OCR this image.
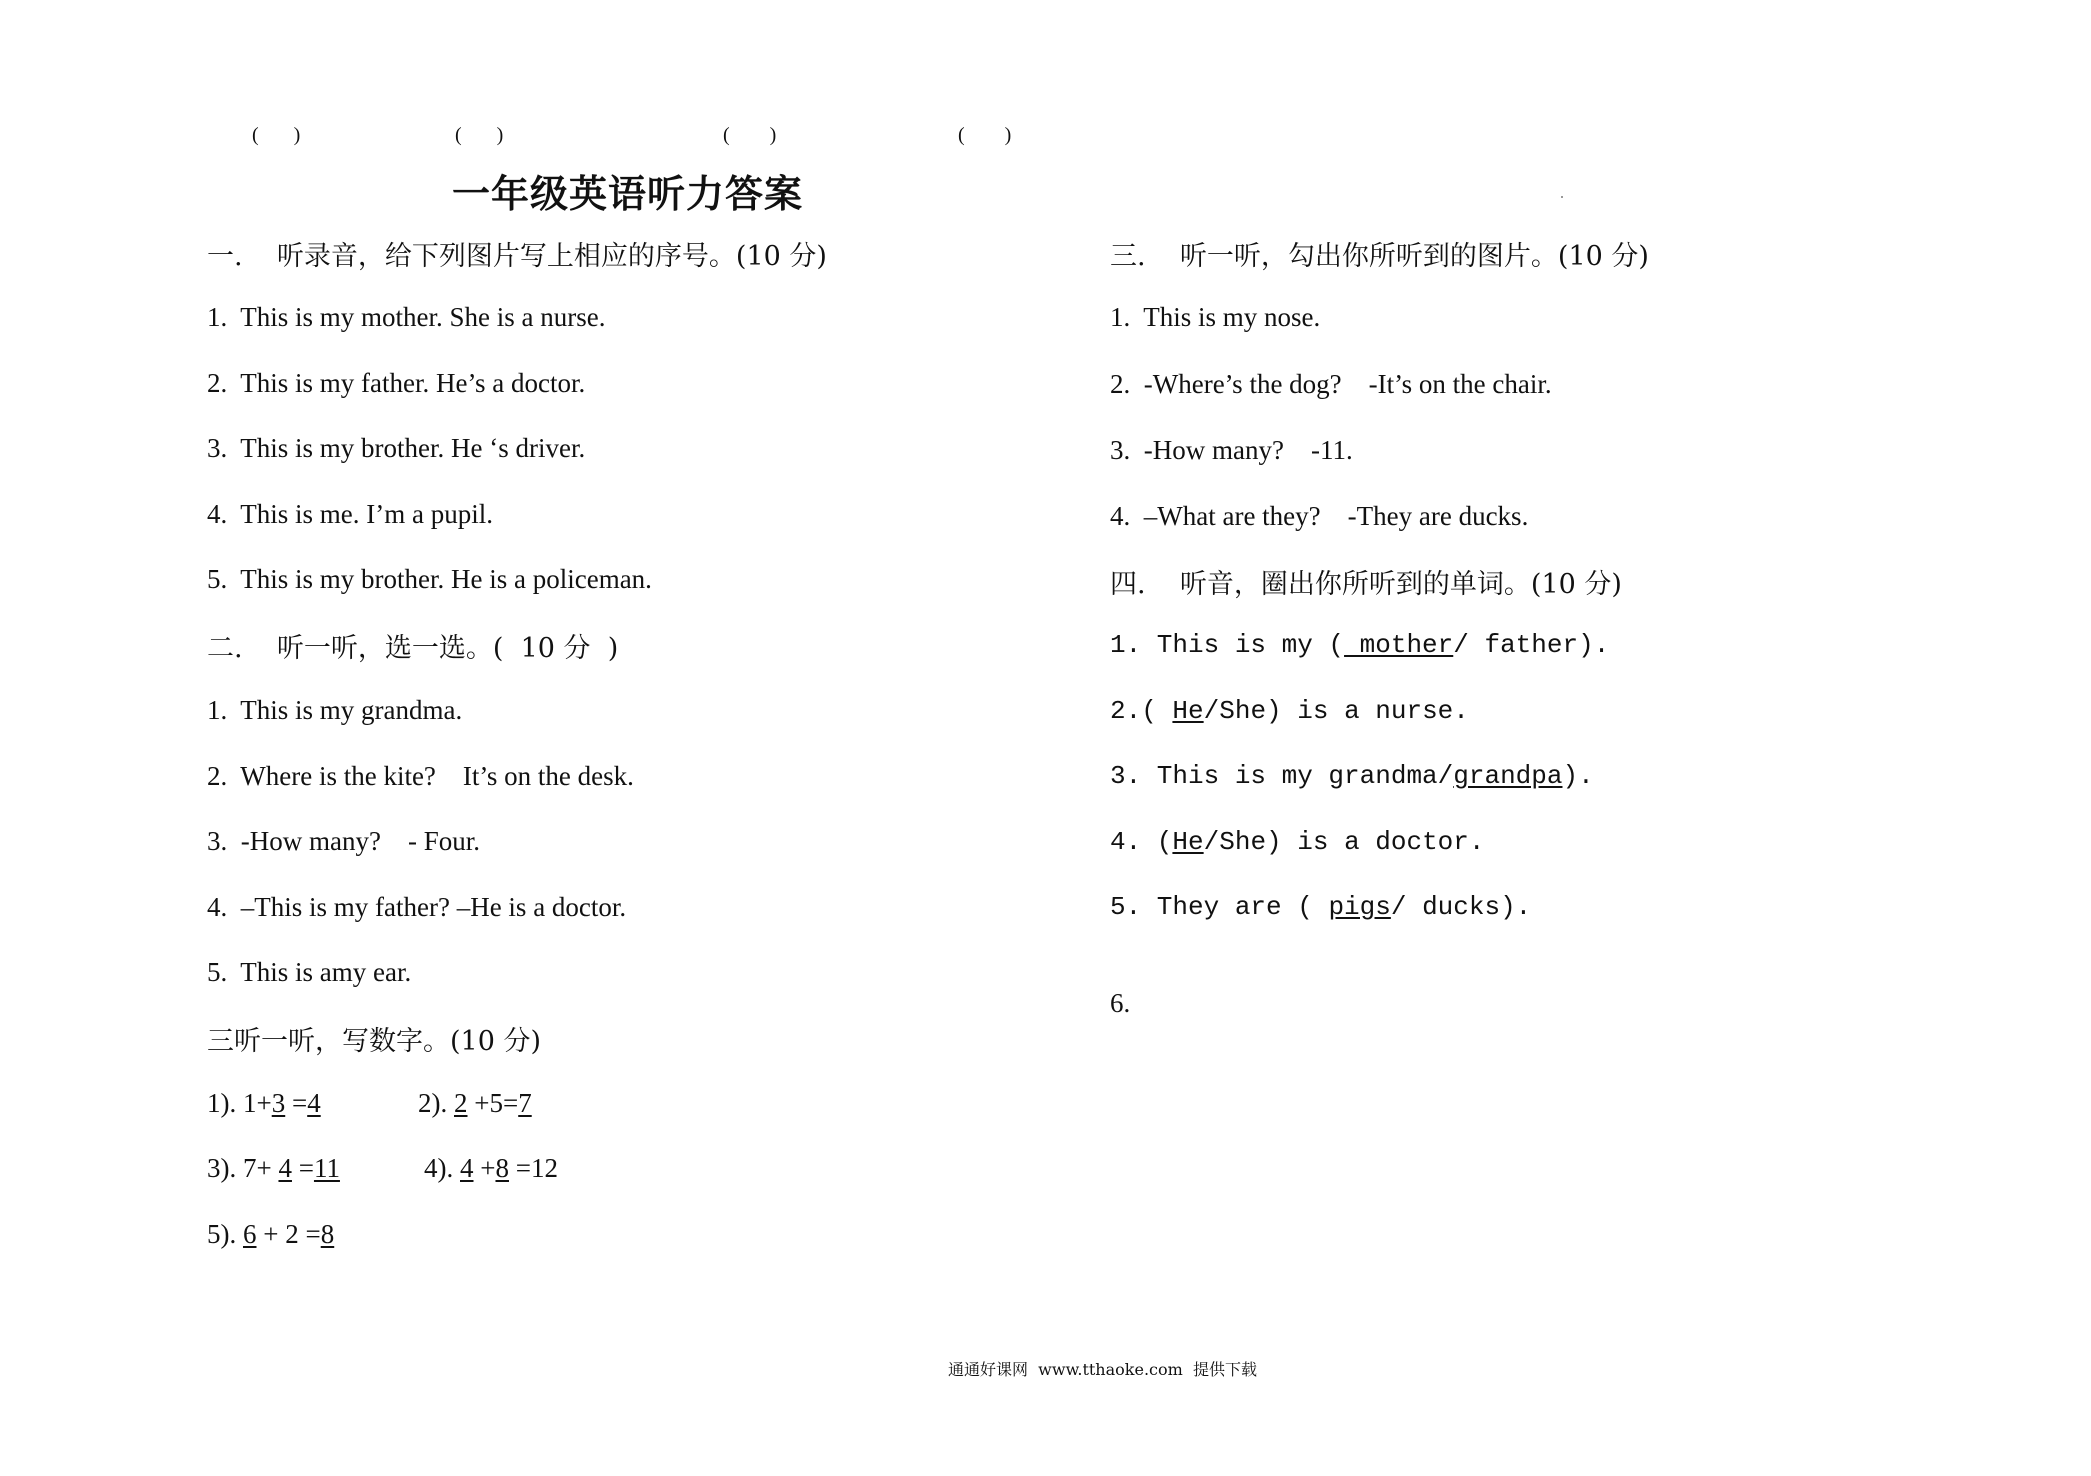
(       )	(       )	(        )	(        )
一年级英语听力答案
一.    听录音，给下列图片写上相应的序号。(10 分)
1.  This is my mother. She is a nurse.
2.  This is my father. He’s a doctor.
3.  This is my brother. He ‘s driver.
4.  This is me. I’m a pupil.
5.  This is my brother. He is a policeman.
二.    听一听，选一选。(  10 分  )
1.  This is my grandma.
2.  Where is the kite?    It’s on the desk.
3.  -How many?    - Four.
4.  –This is my father? –He is a doctor.
5.  This is amy ear.
三听一听，写数字。(10 分)
1). 1+3 =4	2). 2 +5=7
3). 7+ 4 =11	4). 4 +8 =12
5). 6 + 2 =8
三.    听一听，勾出你所听到的图片。(10 分)
1.  This is my nose.
2.  -Where’s the dog?    -It’s on the chair.
3.  -How many?    -11.
4.  –What are they?    -They are ducks.
四.    听音，圈出你所听到的单词。(10 分)
1. This is my ( mother/ father).
2.( He/She) is a nurse.
3. This is my grandma/grandpa).
4. (He/She) is a doctor.
5. They are ( pigs/ ducks).
6.
通通好课网  www.tthaoke.com  提供下载
